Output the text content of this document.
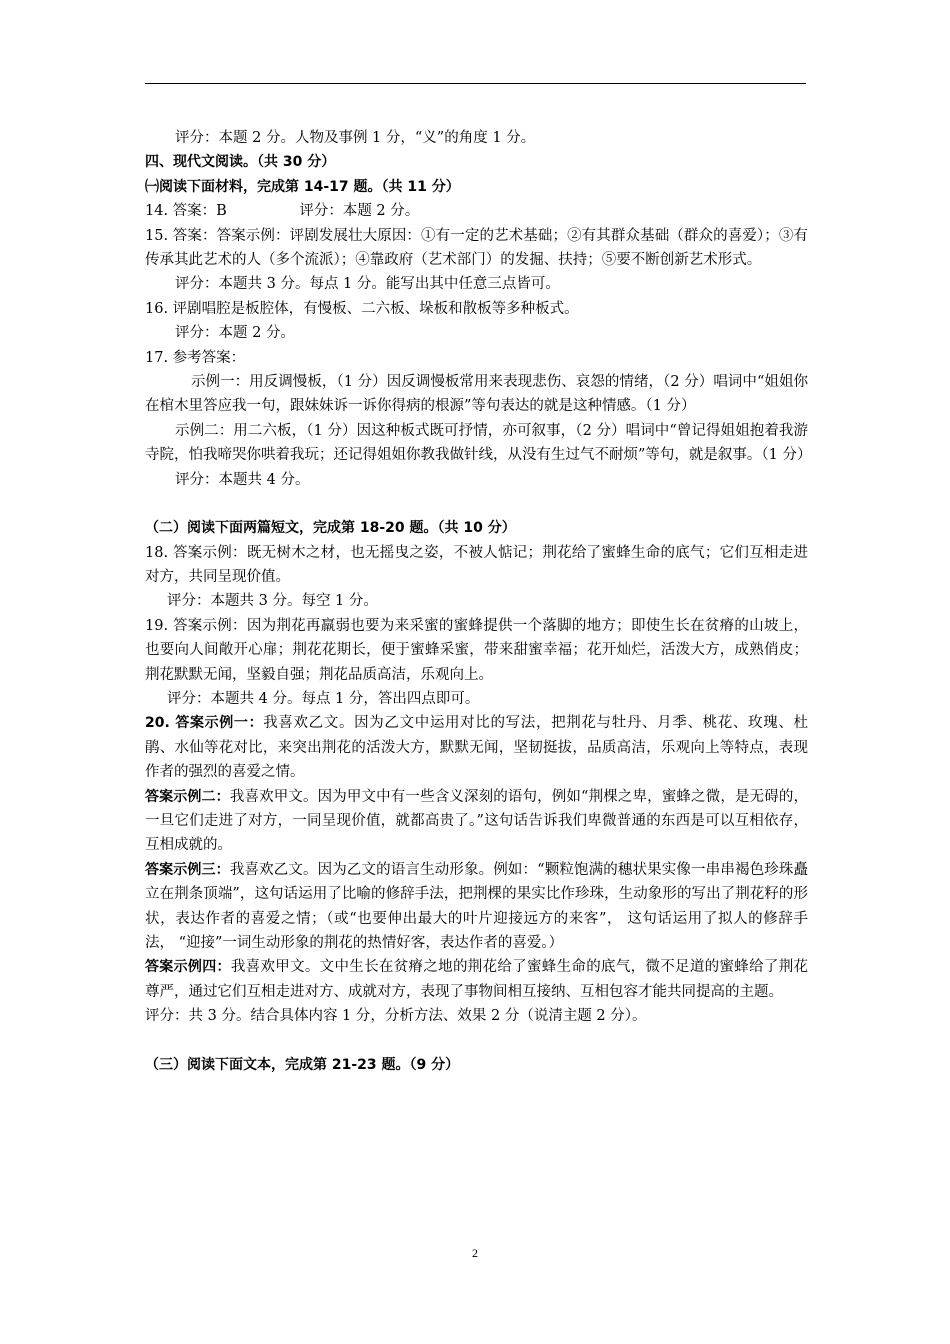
评分：本题 2 分。人物及事例 1 分，“义”的角度 1 分。
四、现代文阅读。（共 30 分）
㈠阅读下面材料，完成第 14-17 题。（共 11 分）
14. 答案：B　　　　　评分：本题 2 分。
15. 答案：答案示例：评剧发展壮大原因：①有一定的艺术基础；②有其群众基础（群众的喜爱）；③有传承其此艺术的人（多个流派）；④靠政府（艺术部门）的发掘、扶持；⑤要不断创新艺术形式。
评分：本题共 3 分。每点 1 分。能写出其中任意三点皆可。
16. 评剧唱腔是板腔体，有慢板、二六板、垛板和散板等多种板式。
评分：本题 2 分。
17. 参考答案：
示例一：用反调慢板，（1 分）因反调慢板常用来表现悲伤、哀怨的情绪，（2 分）唱词中“姐姐你在棺木里答应我一句，跟妹妹诉一诉你得病的根源”等句表达的就是这种情感。（1 分）
示例二：用二六板，（1 分）因这种板式既可抒情，亦可叙事，（2 分）唱词中“曾记得姐姐抱着我游寺院，怕我啼哭你哄着我玩；还记得姐姐你教我做针线，从没有生过气不耐烦”等句，就是叙事。（1 分）
评分：本题共 4 分。
（二）阅读下面两篇短文，完成第 18-20 题。（共 10 分）
18. 答案示例：既无树木之材，也无摇曳之姿，不被人惦记；荆花给了蜜蜂生命的底气；它们互相走进对方，共同呈现价值。
评分：本题共 3 分。每空 1 分。
19. 答案示例：因为荆花再羸弱也要为来采蜜的蜜蜂提供一个落脚的地方；即使生长在贫瘠的山坡上，也要向人间敞开心扉；荆花花期长，便于蜜蜂采蜜，带来甜蜜幸福；花开灿烂，活泼大方，成熟俏皮；荆花默默无闻，坚毅自强；荆花品质高洁，乐观向上。
评分：本题共 4 分。每点 1 分，答出四点即可。
20. 答案示例一：我喜欢乙文。因为乙文中运用对比的写法，把荆花与牡丹、月季、桃花、玫瑰、杜鹃、水仙等花对比，来突出荆花的活泼大方，默默无闻，坚韧挺拔，品质高洁，乐观向上等特点，表现作者的强烈的喜爱之情。
答案示例二：我喜欢甲文。因为甲文中有一些含义深刻的语句，例如“荆棵之卑，蜜蜂之微，是无碍的，一旦它们走进了对方，一同呈现价值，就都高贵了。”这句话告诉我们卑微普通的东西是可以互相依存，互相成就的。
答案示例三：我喜欢乙文。因为乙文的语言生动形象。例如：“颗粒饱满的穗状果实像一串串褐色珍珠矗立在荆条顶端”，这句话运用了比喻的修辞手法，把荆棵的果实比作珍珠，生动象形的写出了荆花籽的形状，表达作者的喜爱之情；（或“也要伸出最大的叶片迎接远方的来客”， 这句话运用了拟人的修辞手法， “迎接”一词生动形象的荆花的热情好客，表达作者的喜爱。）
答案示例四：我喜欢甲文。文中生长在贫瘠之地的荆花给了蜜蜂生命的底气，微不足道的蜜蜂给了荆花尊严，通过它们互相走进对方、成就对方，表现了事物间相互接纳、互相包容才能共同提高的主题。
评分：共 3 分。结合具体内容 1 分，分析方法、效果 2 分（说清主题 2 分）。
（三）阅读下面文本，完成第 21-23 题。（9 分）
2
